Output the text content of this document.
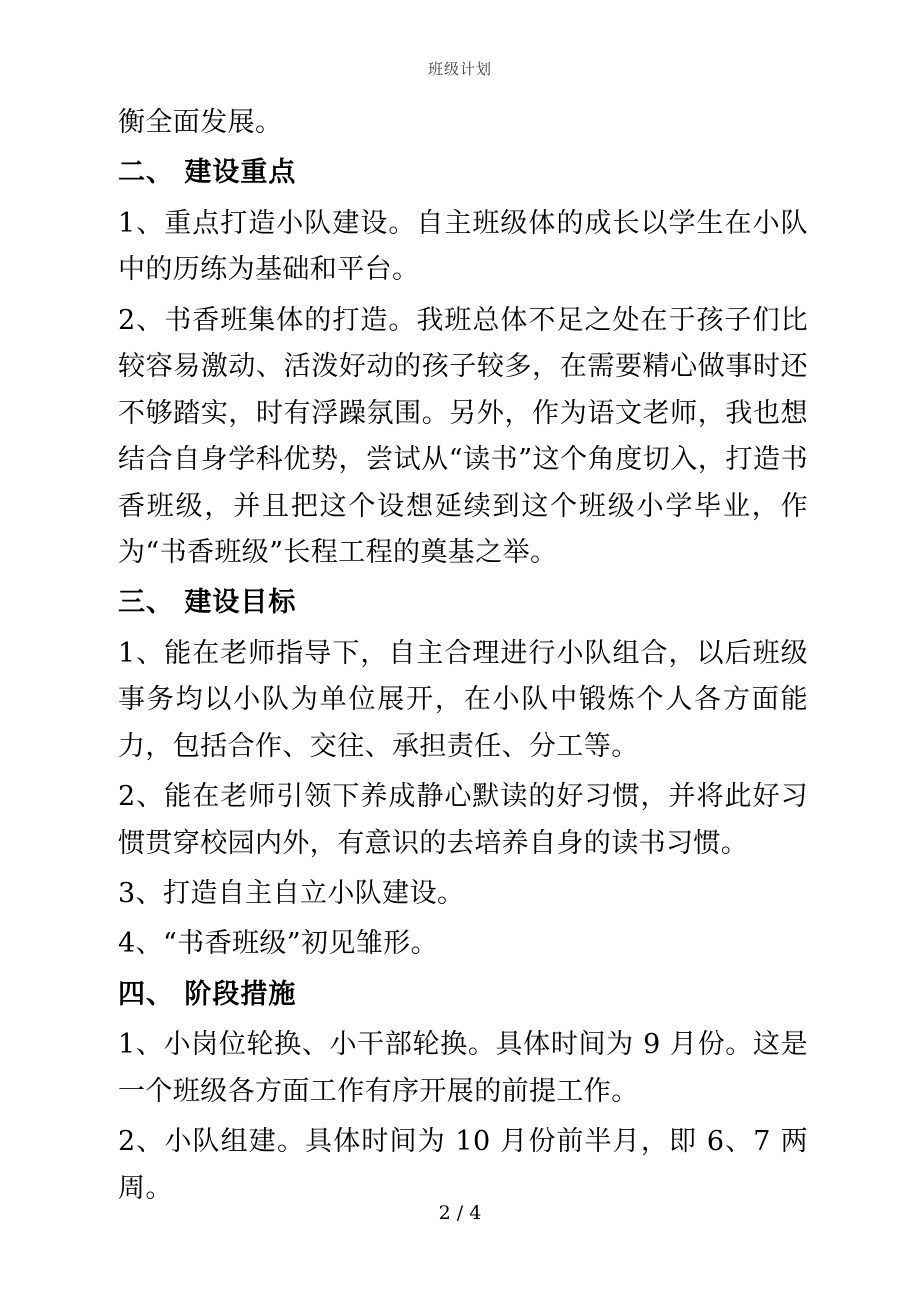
班级计划

衡全面发展。

二、 建设重点

1、重点打造小队建设。自主班级体的成长以学生在小队中的历练为基础和平台。

2、书香班集体的打造。我班总体不足之处在于孩子们比较容易激动、活泼好动的孩子较多，在需要精心做事时还不够踏实，时有浮躁氛围。另外，作为语文老师，我也想结合自身学科优势，尝试从“读书”这个角度切入，打造书香班级，并且把这个设想延续到这个班级小学毕业，作为“书香班级”长程工程的奠基之举。

三、 建设目标

1、能在老师指导下，自主合理进行小队组合，以后班级事务均以小队为单位展开，在小队中锻炼个人各方面能力，包括合作、交往、承担责任、分工等。

2、能在老师引领下养成静心默读的好习惯，并将此好习惯贯穿校园内外，有意识的去培养自身的读书习惯。

3、打造自主自立小队建设。

4、“书香班级”初见雏形。

四、 阶段措施

1、小岗位轮换、小干部轮换。具体时间为 9 月份。这是一个班级各方面工作有序开展的前提工作。

2、小队组建。具体时间为 10 月份前半月，即 6、7 两周。

2 / 4
